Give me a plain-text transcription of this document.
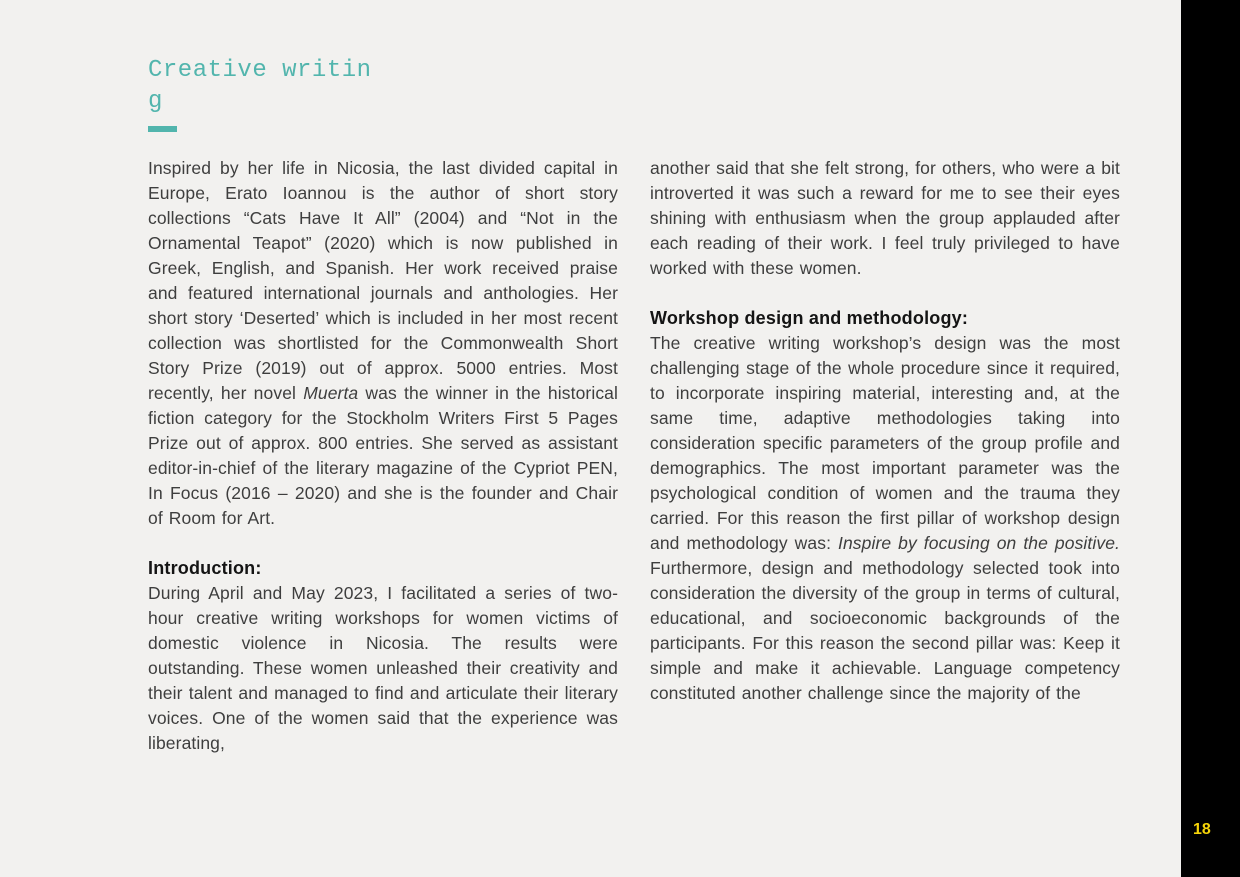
Creative writin
g

Inspired by her life in Nicosia, the last divided capital in Europe, Erato Ioannou is the author of short story collections “Cats Have It All” (2004) and “Not in the Ornamental Teapot” (2020) which is now published in Greek, English, and Spanish. Her work received praise and featured international journals and anthologies. Her short story ‘Deserted’ which is included in her most recent collection was shortlisted for the Commonwealth Short Story Prize (2019) out of approx. 5000 entries. Most recently, her novel Muerta was the winner in the historical fiction category for the Stockholm Writers First 5 Pages Prize out of approx. 800 entries. She served as assistant editor-in-chief of the literary magazine of the Cypriot PEN, In Focus (2016 – 2020) and she is the founder and Chair of Room for Art.

Introduction:

During April and May 2023, I facilitated a series of two-hour creative writing workshops for women victims of domestic violence in Nicosia. The results were outstanding. These women unleashed their creativity and their talent and managed to find and articulate their literary voices. One of the women said that the experience was liberating,

another said that she felt strong, for others, who were a bit introverted it was such a reward for me to see their eyes shining with enthusiasm when the group applauded after each reading of their work. I feel truly privileged to have worked with these women.

Workshop design and methodology:

The creative writing workshop’s design was the most challenging stage of the whole procedure since it required, to incorporate inspiring material, interesting and, at the same time, adaptive methodologies taking into consideration specific parameters of the group profile and demographics. The most important parameter was the psychological condition of women and the trauma they carried. For this reason the first pillar of workshop design and methodology was: Inspire by focusing on the positive. Furthermore, design and methodology selected took into consideration the diversity of the group in terms of cultural, educational, and socioeconomic backgrounds of the participants. For this reason the second pillar was: Keep it simple and make it achievable. Language competency constituted another challenge since the majority of the

18
